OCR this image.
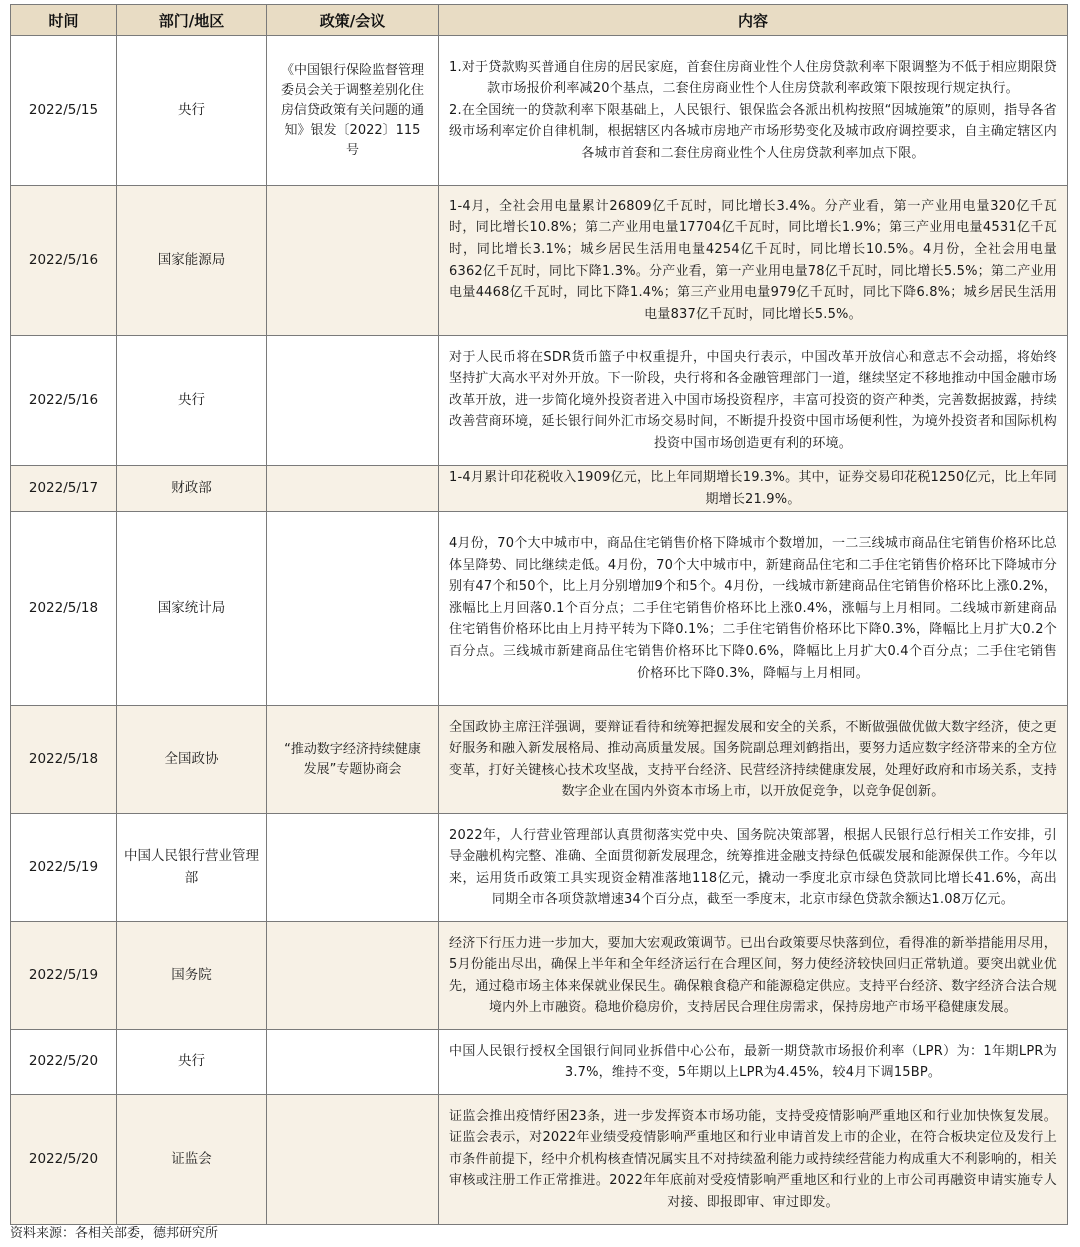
时间	部门/地区	政策/会议	内容
2022/5/15	央行	《中国银行保险监督管理委员会关于调整差别化住房信贷政策有关问题的通知》银发〔2022〕115号	1.对于贷款购买普通自住房的居民家庭，首套住房商业性个人住房贷款利率下限调整为不低于相应期限贷款市场报价利率减20个基点，二套住房商业性个人住房贷款利率政策下限按现行规定执行。

2.在全国统一的贷款利率下限基础上，人民银行、银保监会各派出机构按照“因城施策”的原则，指导各省级市场利率定价自律机制，根据辖区内各城市房地产市场形势变化及城市政府调控要求，自主确定辖区内各城市首套和二套住房商业性个人住房贷款利率加点下限。

2022/5/16	国家能源局		1-4月，全社会用电量累计26809亿千瓦时，同比增长3.4%。分产业看，第一产业用电量320亿千瓦时，同比增长10.8%；第二产业用电量17704亿千瓦时，同比增长1.9%；第三产业用电量4531亿千瓦时，同比增长3.1%；城乡居民生活用电量4254亿千瓦时，同比增长10.5%。4月份，全社会用电量6362亿千瓦时，同比下降1.3%。分产业看，第一产业用电量78亿千瓦时，同比增长5.5%；第二产业用电量4468亿千瓦时，同比下降1.4%；第三产业用电量979亿千瓦时，同比下降6.8%；城乡居民生活用电量837亿千瓦时，同比增长5.5%。

2022/5/16	央行		对于人民币将在SDR货币篮子中权重提升，中国央行表示，中国改革开放信心和意志不会动摇，将始终坚持扩大高水平对外开放。下一阶段，央行将和各金融管理部门一道，继续坚定不移地推动中国金融市场改革开放，进一步简化境外投资者进入中国市场投资程序，丰富可投资的资产种类，完善数据披露，持续改善营商环境，延长银行间外汇市场交易时间，不断提升投资中国市场便利性，为境外投资者和国际机构投资中国市场创造更有利的环境。

2022/5/17	财政部		1-4月累计印花税收入1909亿元，比上年同期增长19.3%。其中，证券交易印花税1250亿元，比上年同期增长21.9%。

2022/5/18	国家统计局		4月份，70个大中城市中，商品住宅销售价格下降城市个数增加，一二三线城市商品住宅销售价格环比总体呈降势、同比继续走低。4月份，70个大中城市中，新建商品住宅和二手住宅销售价格环比下降城市分别有47个和50个，比上月分别增加9个和5个。4月份，一线城市新建商品住宅销售价格环比上涨0.2%，涨幅比上月回落0.1个百分点；二手住宅销售价格环比上涨0.4%，涨幅与上月相同。二线城市新建商品住宅销售价格环比由上月持平转为下降0.1%；二手住宅销售价格环比下降0.3%，降幅比上月扩大0.2个百分点。三线城市新建商品住宅销售价格环比下降0.6%，降幅比上月扩大0.4个百分点；二手住宅销售价格环比下降0.3%，降幅与上月相同。

2022/5/18	全国政协	“推动数字经济持续健康发展”专题协商会	全国政协主席汪洋强调，要辩证看待和统筹把握发展和安全的关系，不断做强做优做大数字经济，使之更好服务和融入新发展格局、推动高质量发展。国务院副总理刘鹤指出，要努力适应数字经济带来的全方位变革，打好关键核心技术攻坚战，支持平台经济、民营经济持续健康发展，处理好政府和市场关系，支持数字企业在国内外资本市场上市，以开放促竞争，以竞争促创新。

2022/5/19	中国人民银行营业管理部		2022年，人行营业管理部认真贯彻落实党中央、国务院决策部署，根据人民银行总行相关工作安排，引导金融机构完整、准确、全面贯彻新发展理念，统筹推进金融支持绿色低碳发展和能源保供工作。今年以来，运用货币政策工具实现资金精准落地118亿元，撬动一季度北京市绿色贷款同比增长41.6%，高出同期全市各项贷款增速34个百分点，截至一季度末，北京市绿色贷款余额达1.08万亿元。

2022/5/19	国务院		经济下行压力进一步加大，要加大宏观政策调节。已出台政策要尽快落到位，看得准的新举措能用尽用，5月份能出尽出，确保上半年和全年经济运行在合理区间，努力使经济较快回归正常轨道。要突出就业优先，通过稳市场主体来保就业保民生。确保粮食稳产和能源稳定供应。支持平台经济、数字经济合法合规境内外上市融资。稳地价稳房价，支持居民合理住房需求，保持房地产市场平稳健康发展。

2022/5/20	央行		中国人民银行授权全国银行间同业拆借中心公布，最新一期贷款市场报价利率（LPR）为：1年期LPR为3.7%，维持不变，5年期以上LPR为4.45%，较4月下调15BP。

2022/5/20	证监会		证监会推出疫情纾困23条，进一步发挥资本市场功能，支持受疫情影响严重地区和行业加快恢复发展。证监会表示，对2022年业绩受疫情影响严重地区和行业申请首发上市的企业，在符合板块定位及发行上市条件前提下，经中介机构核查情况属实且不对持续盈利能力或持续经营能力构成重大不利影响的，相关审核或注册工作正常推进。2022年年底前对受疫情影响严重地区和行业的上市公司再融资申请实施专人对接、即报即审、审过即发。

资料来源：各相关部委，德邦研究所
